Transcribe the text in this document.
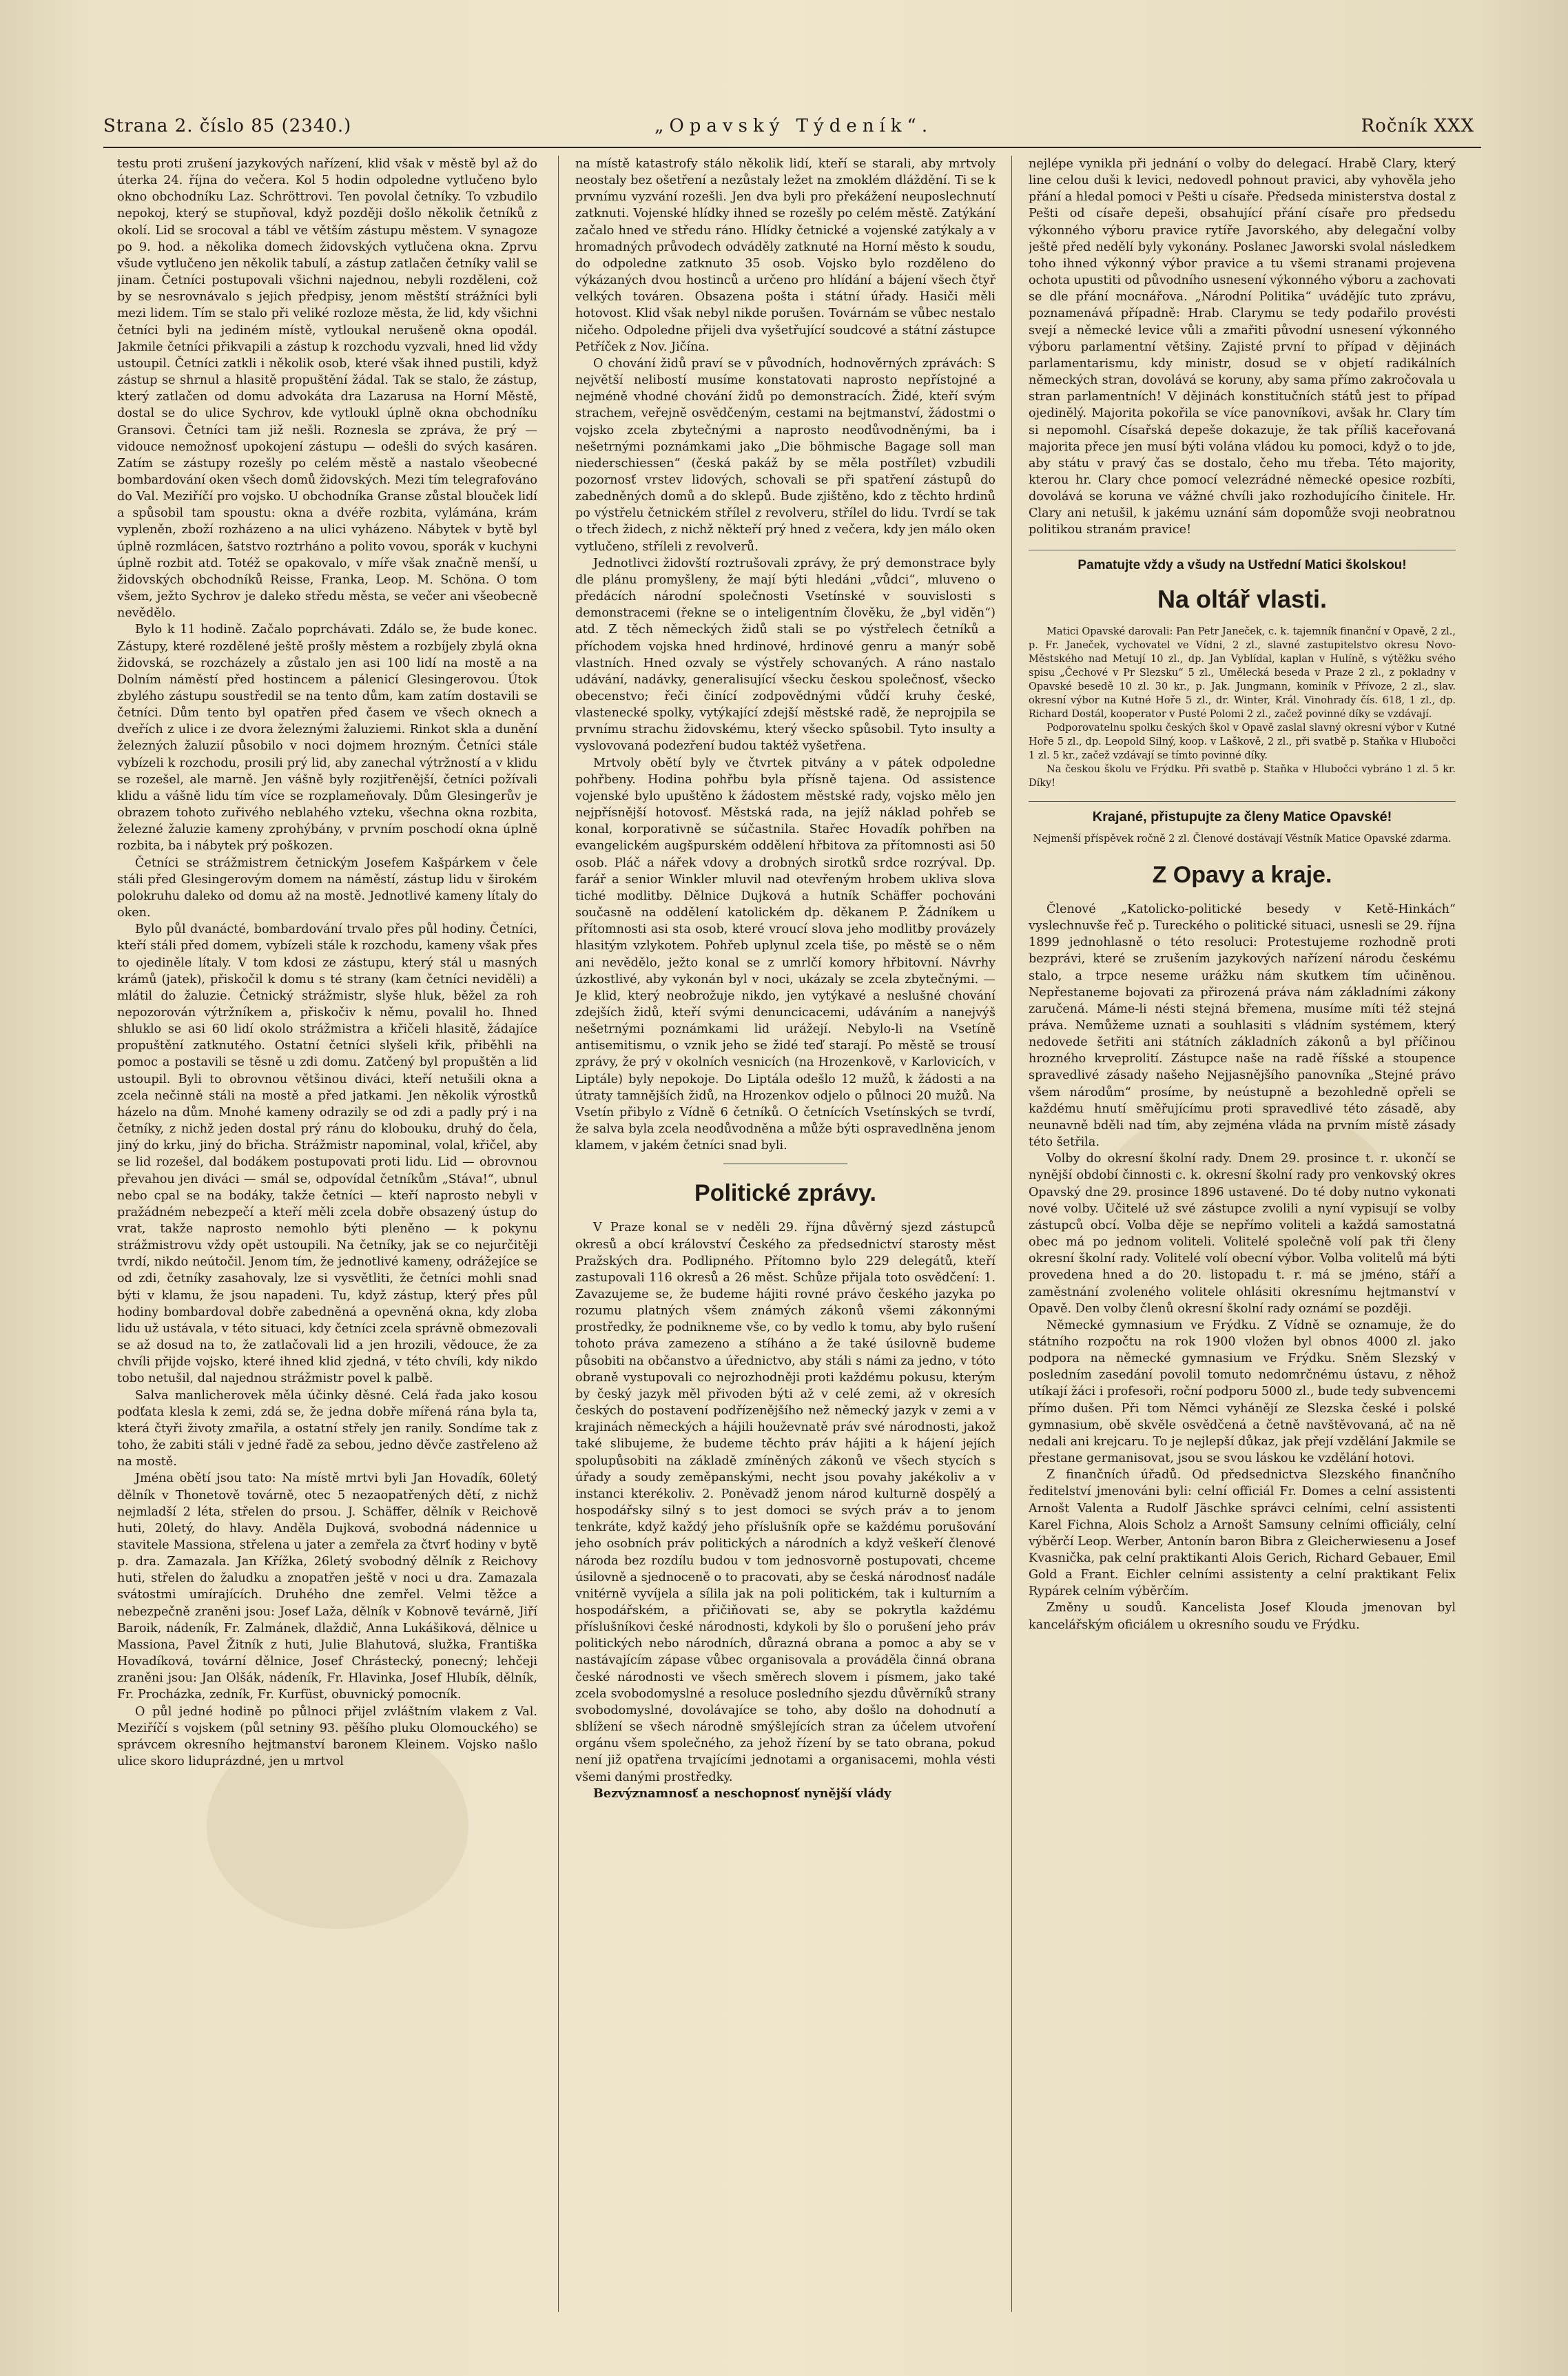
Strana 2. číslo 85 (2340.)	„Opavský Týdeník“.	Ročník XXX

testu proti zrušení jazykových nařízení, klid však v městě byl až do úterka 24. října do večera. Kol 5 hodin odpoledne vytlučeno bylo okno obchodníku Laz. Schröttrovi. Ten povolal četníky. To vzbudilo nepokoj, který se stupňoval, když později došlo několik četníků z okolí. Lid se srocoval a tábl ve větším zástupu městem. V synagoze po 9. hod. a několika domech židovských vytlučena okna. Zprvu všude vytlučeno jen několik tabulí, a zástup zatlačen četníky valil se jinam. Četníci postupovali všichni najednou, nebyli rozděleni, což by se nesrovnávalo s jejich předpisy, jenom městští strážníci byli mezi lidem. Tím se stalo při veliké rozloze města, že lid, kdy všichni četníci byli na jediném místě, vytloukal nerušeně okna opodál. Jakmile četníci přikvapili a zástup k rozchodu vyzvali, hned lid vždy ustoupil. Četníci zatkli i několik osob, které však ihned pustili, když zástup se shrnul a hlasitě propuštění žádal. Tak se stalo, že zástup, který zatlačen od domu advokáta dra Lazarusa na Horní Městě, dostal se do ulice Sychrov, kde vytloukl úplně okna obchodníku Gransovi. Četníci tam již nešli. Roznesla se zpráva, že prý — vidouce nemožnosť upokojení zástupu — odešli do svých kasáren. Zatím se zástupy rozešly po celém městě a nastalo všeobecné bombardování oken všech domů židovských. Mezi tím telegrafováno do Val. Meziříčí pro vojsko. U obchodníka Granse zůstal blouček lidí a spůsobil tam spoustu: okna a dvéře rozbita, vylámána, krám vypleněn, zboží rozházeno a na ulici vyházeno. Nábytek v bytě byl úplně rozmlácen, šatstvo roztrháno a polito vovou, sporák v kuchyni úplně rozbit atd. Totéž se opakovalo, v míře však značně menší, u židovských obchodníků Reisse, Franka, Leop. M. Schöna. O tom všem, ježto Sychrov je daleko středu města, se večer ani všeobecně nevědělo.

Bylo k 11 hodině. Začalo poprchávati. Zdálo se, že bude konec. Zástupy, které rozdělené ještě prošly městem a rozbíjely zbylá okna židovská, se rozcházely a zůstalo jen asi 100 lidí na mostě a na Dolním náměstí před hostincem a pálenicí Glesingerovou. Útok zbylého zástupu soustředil se na tento dům, kam zatím dostavili se četníci. Dům tento byl opatřen před časem ve všech oknech a dveřích z ulice i ze dvora železnými žaluziemi. Rinkot skla a dunění železných žaluzií působilo v noci dojmem hrozným. Četníci stále vybízeli k rozchodu, prosili prý lid, aby zanechal výtržností a v klidu se rozešel, ale marně. Jen vášně byly rozjitřenější, četníci požívali klidu a vášně lidu tím více se rozplameňovaly. Dům Glesingerův je obrazem tohoto zuřivého neblahého vzteku, všechna okna rozbita, železné žaluzie kameny zprohýbány, v prvním poschodí okna úplně rozbita, ba i nábytek prý poškozen.

Četníci se strážmistrem četnickým Josefem Kašpárkem v čele stáli před Glesingerovým domem na náměstí, zástup lidu v širokém polokruhu daleko od domu až na mostě. Jednotlivé kameny lítaly do oken.

Bylo půl dvanácté, bombardování trvalo přes půl hodiny. Četníci, kteří stáli před domem, vybízeli stále k rozchodu, kameny však přes to ojediněle lítaly. V tom kdosi ze zástupu, který stál u masných krámů (jatek), přiskočil k domu s té strany (kam četníci neviděli) a mlátil do žaluzie. Četnický strážmistr, slyše hluk, běžel za roh nepozorován výtržníkem a, přiskočiv k němu, povalil ho. Ihned shluklo se asi 60 lidí okolo strážmistra a křičeli hlasitě, žádajíce propuštění zatknutého. Ostatní četníci slyšeli křik, přiběhli na pomoc a postavili se těsně u zdi domu. Zatčený byl propuštěn a lid ustoupil. Byli to obrovnou většinou diváci, kteří netušili okna a zcela nečinně stáli na mostě a před jatkami. Jen několik výrostků házelo na dům. Mnohé kameny odrazily se od zdi a padly prý i na četníky, z nichž jeden dostal prý ránu do klobouku, druhý do čela, jiný do krku, jiný do břicha. Strážmistr napominal, volal, křičel, aby se lid rozešel, dal bodákem postupovati proti lidu. Lid — obrovnou převahou jen diváci — smál se, odpovídal četníkům „Stáva!“, ubnul nebo cpal se na bodáky, takže četníci — kteří naprosto nebyli v pražádném nebezpečí a kteří měli zcela dobře obsazený ústup do vrat, takže naprosto nemohlo býti pleněno — k pokynu strážmistrovu vždy opět ustoupili. Na četníky, jak se co nejurčitěji tvrdí, nikdo neútočil. Jenom tím, že jednotlivé kameny, odrážejíce se od zdi, četníky zasahovaly, lze si vysvětliti, že četníci mohli snad býti v klamu, že jsou napadeni. Tu, když zástup, který přes půl hodiny bombardoval dobře zabedněná a opevněná okna, kdy zloba lidu už ustávala, v této situaci, kdy četníci zcela správně obmezovali se až dosud na to, že zatlačovali lid a jen hrozili, vědouce, že za chvíli přijde vojsko, které ihned klid zjedná, v této chvíli, kdy nikdo tobo netušil, dal najednou strážmistr povel k palbě.

Salva manlicherovek měla účinky děsné. Celá řada jako kosou podťata klesla k zemi, zdá se, že jedna dobře mířená rána byla ta, která čtyři životy zmařila, a ostatní střely jen ranily. Sondíme tak z toho, že zabiti stáli v jedné řadě za sebou, jedno děvče zastřeleno až na mostě.

Jména obětí jsou tato: Na místě mrtvi byli Jan Hovadík, 60letý dělník v Thonetově továrně, otec 5 nezaopatřených dětí, z nichž nejmladší 2 léta, střelen do prsou. J. Schäffer, dělník v Reichově huti, 20letý, do hlavy. Anděla Dujková, svobodná nádennice u stavitele Massiona, střelena u jater a zemřela za čtvrť hodiny v bytě p. dra. Zamazala. Jan Křížka, 26letý svobodný dělník z Reichovy huti, střelen do žaludku a znopatřen ještě v noci u dra. Zamazala svátostmi umírajících. Druhého dne zemřel. Velmi těžce a nebezpečně zraněni jsou: Josef Laža, dělník v Kobnově tevárně, Jiří Baroik, nádeník, Fr. Zalmánek, dlaždič, Anna Lukášiková, dělnice u Massiona, Pavel Žitník z huti, Julie Blahutová, služka, Františka Hovadíková, tovární dělnice, Josef Chrástecký, ponecný; lehčeji zraněni jsou: Jan Olšák, nádeník, Fr. Hlavinka, Josef Hlubík, dělník, Fr. Procházka, zedník, Fr. Kurfüst, obuvnický pomocník.

O půl jedné hodině po půlnoci přijel zvláštním vlakem z Val. Meziříčí s vojskem (půl setniny 93. pěšího pluku Olomouckého) se správcem okresního hejtmanství baronem Kleinem. Vojsko našlo ulice skoro liduprázdné, jen u mrtvol

na místě katastrofy stálo několik lidí, kteří se starali, aby mrtvoly neostaly bez ošetření a nezůstaly ležet na zmoklém dláždění. Ti se k prvnímu vyzvání rozešli. Jen dva byli pro překážení neuposlechnutí zatknuti. Vojenské hlídky ihned se rozešly po celém městě. Zatýkání začalo hned ve středu ráno. Hlídky četnické a vojenské zatýkaly a v hromadných průvodech odváděly zatknuté na Horní město k soudu, do odpoledne zatknuto 35 osob. Vojsko bylo rozděleno do výkázaných dvou hostinců a určeno pro hlídání a bájení všech čtyř velkých továren. Obsazena pošta i státní úřady. Hasiči měli hotovost. Klid však nebyl nikde porušen. Továrnám se vůbec nestalo ničeho. Odpoledne přijeli dva vyšetřující soudcové a státní zástupce Petříček z Nov. Jičína.

O chování židů praví se v původních, hodnověrných zprávách: S největší nelibostí musíme konstatovati naprosto nepřístojné a nejméně vhodné chování židů po demonstracích. Židé, kteří svým strachem, veřejně osvědčeným, cestami na bejtmanství, žádostmi o vojsko zcela zbytečnými a naprosto neodůvodněnými, ba i nešetrnými poznámkami jako „Die böhmische Bagage soll man niederschiessen“ (česká pakáž by se měla postřílet) vzbudili pozornosť vrstev lidových, schovali se při spatření zástupů do zabedněných domů a do sklepů. Bude zjištěno, kdo z těchto hrdinů po výstřelu četnickém střílel z revolveru, střílel do lidu. Tvrdí se tak o třech židech, z nichž někteří prý hned z večera, kdy jen málo oken vytlučeno, stříleli z revolverů.

Jednotlivci židovští roztrušovali zprávy, že prý demonstrace byly dle plánu promyšleny, že mají býti hledáni „vůdci“, mluveno o předácích národní společnosti Vsetínské v souvislosti s demonstracemi (řekne se o inteligentním člověku, že „byl viděn“) atd. Z těch německých židů stali se po výstřelech četníků a příchodem vojska hned hrdinové, hrdinové genru a manýr sobě vlastních. Hned ozvaly se výstřely schovaných. A ráno nastalo udávání, nadávky, generalisující všecku českou společnosť, všecko obecenstvo; řeči činící zodpovědnými vůdčí kruhy české, vlastenecké spolky, vytýkající zdejší městské radě, že neprojpila se prvnímu strachu židovskému, který všecko spůsobil. Tyto insulty a vyslovovaná podezření budou taktéž vyšetřena.

Mrtvoly obětí byly ve čtvrtek pitvány a v pátek odpoledne pohřbeny. Hodina pohřbu byla přísně tajena. Od assistence vojenské bylo upuštěno k žádostem městské rady, vojsko mělo jen nejpřísnější hotovosť. Městská rada, na jejíž náklad pohřeb se konal, korporativně se súčastnila. Stařec Hovadík pohřben na evangelickém augšpurském oddělení hřbitova za přítomnosti asi 50 osob. Pláč a nářek vdovy a drobných sirotků srdce rozrýval. Dp. farář a senior Winkler mluvil nad otevřeným hrobem ukliva slova tiché modlitby. Dělnice Dujková a hutník Schäffer pochováni současně na oddělení katolickém dp. děkanem P. Žádníkem u přítomnosti asi sta osob, které vroucí slova jeho modlitby provázely hlasitým vzlykotem. Pohřeb uplynul zcela tiše, po městě se o něm ani nevědělo, ježto konal se z umrlčí komory hřbitovní. Návrhy úzkostlivé, aby vykonán byl v noci, ukázaly se zcela zbytečnými. — Je klid, který neobrožuje nikdo, jen vytýkavé a neslušné chování zdejších židů, kteří svými denuncicacemi, udáváním a nanejvýš nešetrnými poznámkami lid urážejí. Nebylo-li na Vsetíně antisemitismu, o vznik jeho se židé teď starají. Po městě se trousí zprávy, že prý v okolních vesnicích (na Hrozenkově, v Karlovicích, v Liptále) byly nepokoje. Do Liptála odešlo 12 mužů, k žádosti a na útraty tamnějších židů, na Hrozenkov odjelo o půlnoci 20 mužů. Na Vsetín přibylo z Vídně 6 četníků. O četnících Vsetínských se tvrdí, že salva byla zcela neodůvodněna a může býti ospravedlněna jenom klamem, v jakém četníci snad byli.

Politické zprávy.

V Praze konal se v neděli 29. října důvěrný sjezd zástupců okresů a obcí království Českého za předsednictví starosty měst Pražských dra. Podlipného. Přítomno bylo 229 delegátů, kteří zastupovali 116 okresů a 26 měst. Schůze přijala toto osvědčení: 1. Zavazujeme se, že budeme hájiti rovné právo českého jazyka po rozumu platných všem známých zákonů všemi zákonnými prostředky, že podnikneme vše, co by vedlo k tomu, aby bylo rušení tohoto práva zamezeno a stíháno a že také úsilovně budeme působiti na občanstvo a úřednictvo, aby stáli s námi za jedno, v tóto obraně vystupovali co nejrozhodněji proti každému pokusu, kterým by český jazyk měl přivoden býti až v celé zemi, až v okresích českých do postavení podřízenějšího než německý jazyk v zemi a v krajinách německých a hájili houževnatě práv své národnosti, jakož také slibujeme, že budeme těchto práv hájiti a k hájení jejích spolupůsobiti na základě zmíněných zákonů ve všech stycích s úřady a soudy zeměpanskými, necht jsou povahy jakékoliv a v instanci kterékoliv. 2. Poněvadž jenom národ kulturně dospělý a hospodářsky silný s to jest domoci se svých práv a to jenom tenkráte, když každý jeho příslušník opře se každému porušování jeho osobních práv politických a národních a když veškeří členové národa bez rozdílu budou v tom jednosvorně postupovati, chceme úsilovně a sjednoceně o to pracovati, aby se česká národnosť nadále vnitérně vyvíjela a sílila jak na poli politickém, tak i kulturním a hospodářském, a přičiňovati se, aby se pokrytla každému příslušníkovi české národnosti, kdykoli by šlo o porušení jeho práv politických nebo národních, důrazná obrana a pomoc a aby se v nastávajícím zápase vůbec organisovala a prováděla činná obrana české národnosti ve všech směrech slovem i písmem, jako také zcela svobodomyslné a resoluce posledního sjezdu důvěrníků strany svobodomyslné, dovolávajíce se toho, aby došlo na dohodnutí a sblížení se všech národně smýšlejících stran za účelem utvoření orgánu všem společného, za jehož řízení by se tato obrana, pokud není již opatřena trvajícími jednotami a organisacemi, mohla vésti všemi danými prostředky.

Bezvýznamnosť a neschopnosť nynější vlády

nejlépe vynikla při jednání o volby do delegací. Hrabě Clary, který line celou duši k levici, nedovedl pohnout pravici, aby vyhověla jeho přání a hledal pomoci v Pešti u císaře. Předseda ministerstva dostal z Pešti od císaře depeši, obsahující přání císaře pro předsedu výkonného výboru pravice rytíře Javorského, aby delegační volby ještě před nedělí byly vykonány. Poslanec Jaworski svolal následkem toho ihned výkonný výbor pravice a tu všemi stranami projevena ochota upustiti od původního usnesení výkonného výboru a zachovati se dle přání mocnářova. „Národní Politika“ uvádějíc tuto zprávu, poznamenává případně: Hrab. Clarymu se tedy podařilo provésti svejí a německé levice vůli a zmařiti původní usnesení výkonného výboru parlamentní většiny. Zajisté první to případ v dějinách parlamentarismu, kdy ministr, dosud se v objetí radikálních německých stran, dovolává se koruny, aby sama přímo zakročovala u stran parlamentních! V dějinách konstitučních států jest to případ ojedinělý. Majorita pokořila se více panovníkovi, avšak hr. Clary tím si nepomohl. Císařská depeše dokazuje, že tak příliš kaceřovaná majorita přece jen musí býti volána vládou ku pomoci, když o to jde, aby státu v pravý čas se dostalo, čeho mu třeba. Této majority, kterou hr. Clary chce pomocí velezrádné německé opesice rozbíti, dovolává se koruna ve vážné chvíli jako rozhodujícího činitele. Hr. Clary ani netušil, k jakému uznání sám dopomůže svoji neobratnou politikou stranám pravice!

Pamatujte vždy a všudy na Ustřední Matici školskou!
Na oltář vlasti.

Matici Opavské darovali: Pan Petr Janeček, c. k. tajemník finanční v Opavě, 2 zl., p. Fr. Janeček, vychovatel ve Vídni, 2 zl., slavné zastupitelstvo okresu Novo-Městského nad Metují 10 zl., dp. Jan Vyblídal, kaplan v Hulíně, s výtěžku svého spisu „Čechové v Pr Slezsku“ 5 zl., Umělecká beseda v Praze 2 zl., z pokladny v Opavské besedě 10 zl. 30 kr., p. Jak. Jungmann, kominík v Přívoze, 2 zl., slav. okresní výbor na Kutné Hoře 5 zl., dr. Winter, Král. Vinohrady čís. 618, 1 zl., dp. Richard Dostál, kooperator v Pusté Polomi 2 zl., začež povinné díky se vzdávají.

Podporovatelnu spolku českých škol v Opavě zaslal slavný okresní výbor v Kutné Hoře 5 zl., dp. Leopold Silný, koop. v Laškově, 2 zl., při svatbě p. Staňka v Hlubočci 1 zl. 5 kr., začež vzdávají se tímto povinné díky.

Na českou školu ve Frýdku. Při svatbě p. Staňka v Hlubočci vybráno 1 zl. 5 kr. Díky!

Krajané, přistupujte za členy Matice Opavské!

Nejmenší příspěvek ročně 2 zl. Členové dostávají Věstník Matice Opavské zdarma.

Z Opavy a kraje.

Členové „Katolicko-politické besedy v Ketě-Hinkách“ vyslechnuvše řeč p. Tureckého o politické situaci, usnesli se 29. října 1899 jednohlasně o této resoluci: Protestujeme rozhodně proti bezprávi, které se zrušením jazykových nařízení národu českému stalo, a trpce neseme urážku nám skutkem tím učiněnou. Nepřestaneme bojovati za přirozená práva nám základními zákony zaručená. Máme-li nésti stejná břemena, musíme míti též stejná práva. Nemůžeme uznati a souhlasiti s vládním systémem, který nedovede šetřiti ani státních základních zákonů a byl příčinou hrozného krveprolití. Zástupce naše na radě říšské a stoupence spravedlivé zásady našeho Nejjasnějšího panovníka „Stejné právo všem národům“ prosíme, by neústupně a bezohledně opřeli se každému hnutí směřujícímu proti spravedlivé této zásadě, aby neunavně bděli nad tím, aby zejména vláda na prvním místě zásady této šetřila.

Volby do okresní školní rady. Dnem 29. prosince t. r. ukončí se nynější období činnosti c. k. okresní školní rady pro venkovský okres Opavský dne 29. prosince 1896 ustavené. Do té doby nutno vykonati nové volby. Učitelé už své zástupce zvolili a nyní vypisují se volby zástupců obcí. Volba děje se nepřímo voliteli a každá samostatná obec má po jednom voliteli. Volitelé společně volí pak tři členy okresní školní rady. Volitelé volí obecní výbor. Volba volitelů má býti provedena hned a do 20. listopadu t. r. má se jméno, stáří a zaměstnání zvoleného volitele ohlásiti okresnímu hejtmanství v Opavě. Den volby členů okresní školní rady oznámí se později.

Německé gymnasium ve Frýdku. Z Vídně se oznamuje, že do státního rozpočtu na rok 1900 vložen byl obnos 4000 zl. jako podpora na německé gymnasium ve Frýdku. Sněm Slezský v posledním zasedání povolil tomuto nedomrčnému ústavu, z něhož utíkají žáci i profesoři, roční podporu 5000 zl., bude tedy subvencemi přímo dušen. Při tom Němci vyhánějí ze Slezska české i polské gymnasium, obě skvěle osvědčená a četně navštěvovaná, ač na ně nedali ani krejcaru. To je nejlepší důkaz, jak přejí vzdělání Jakmile se přestane germanisovat, jsou se svou láskou ke vzdělání hotovi.

Z finančních úřadů. Od předsednictva Slezského finančního ředitelství jmenováni byli: celní officiál Fr. Domes a celní assistenti Arnošt Valenta a Rudolf Jäschke správci celními, celní assistenti Karel Fichna, Alois Scholz a Arnošt Samsuny celními officiály, celní výběrčí Leop. Werber, Antonín baron Bibra z Gleicherwiesenu a Josef Kvasnička, pak celní praktikanti Alois Gerich, Richard Gebauer, Emil Gold a Frant. Eichler celními assistenty a celní praktikant Felix Rypárek celním výběrčím.

Změny u soudů. Kancelista Josef Klouda jmenovan byl kancelářským oficiálem u okresního soudu ve Frýdku.
